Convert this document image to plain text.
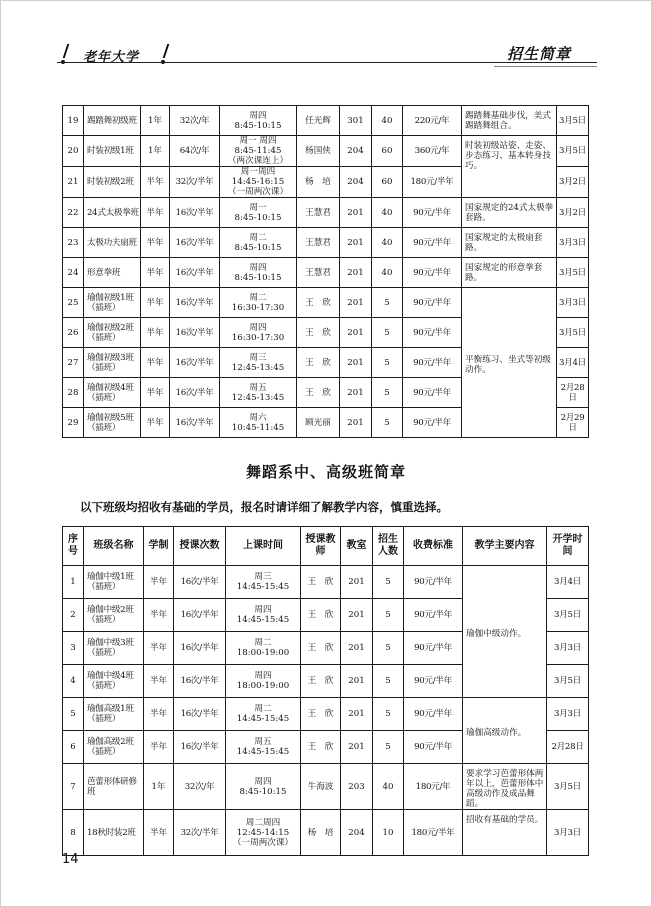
老年大学	招生简章
19	踢踏舞初级班	1年	32次/年	周四
8:45-10:15	任光辉	301	40	220元/年	踢踏舞基础步伐，美式踢踏舞组合。	3月5日
20	时装初级1班	1年	64次/年	周一 周四
8:45-11:45
（两次课连上）	杨国侠	204	60	360元/年	时装初级站姿、走姿、步态练习、基本转身技巧。	3月5日
21	时装初级2班	半年	32次/半年	周一周四
14:45-16:15
（一周两次课）	杨　培	204	60	180元/半年		3月2日
22	24式太极拳班	半年	16次/半年	周一
8:45-10:15	王慧君	201	40	90元/半年	国家规定的24式太极拳套路。	3月2日
23	太极功夫扇班	半年	16次/半年	周二
8:45-10:15	王慧君	201	40	90元/半年	国家规定的太极扇套路。	3月3日
24	形意拳班	半年	16次/半年	周四
8:45-10:15	王慧君	201	40	90元/半年	国家规定的形意拳套路。	3月5日
25	瑜伽初级1班
（插班）	半年	16次/半年	周二
16:30-17:30	王　欣	201	5	90元/半年	平衡练习、坐式等初级动作。	3月3日
26	瑜伽初级2班
（插班）	半年	16次/半年	周四
16:30-17:30	王　欣	201	5	90元/半年		3月5日
27	瑜伽初级3班
（插班）	半年	16次/半年	周三
12:45-13:45	王　欣	201	5	90元/半年		3月4日
28	瑜伽初级4班
（插班）	半年	16次/半年	周五
12:45-13:45	王　欣	201	5	90元/半年		2月28日
29	瑜伽初级5班
（插班）	半年	16次/半年	周六
10:45-11:45	顾光丽	201	5	90元/半年		2月29日
舞蹈系中、高级班简章
以下班级均招收有基础的学员，报名时请详细了解教学内容，慎重选择。
序号	班级名称	学制	授课次数	上课时间	授课教师	教室	招生人数	收费标准	教学主要内容	开学时间
1	瑜伽中级1班
（插班）	半年	16次/半年	周三
14:45-15:45	王　欣	201	5	90元/半年	瑜伽中级动作。	3月4日
2	瑜伽中级2班
（插班）	半年	16次/半年	周四
14:45-15:45	王　欣	201	5	90元/半年		3月5日
3	瑜伽中级3班
（插班）	半年	16次/半年	周二
18:00-19:00	王　欣	201	5	90元/半年		3月3日
4	瑜伽中级4班
（插班）	半年	16次/半年	周四
18:00-19:00	王　欣	201	5	90元/半年		3月5日
5	瑜伽高级1班
（插班）	半年	16次/半年	周二
14:45-15:45	王　欣	201	5	90元/半年	瑜伽高级动作。	3月3日
6	瑜伽高级2班
（插班）	半年	16次/半年	周五
14:45-15:45	王　欣	201	5	90元/半年		2月28日
7	芭蕾形体研修班	1年	32次/年	周四
8:45-10:15	牛海波	203	40	180元/年	要求学习芭蕾形体两年以上，芭蕾形体中高级动作及成品舞蹈。	3月5日
8	18秋时装2班	半年	32次/半年	周二周四
12:45-14:15
（一周两次课）	杨　培	204	10	180元/半年	招收有基础的学员。	3月3日
14
